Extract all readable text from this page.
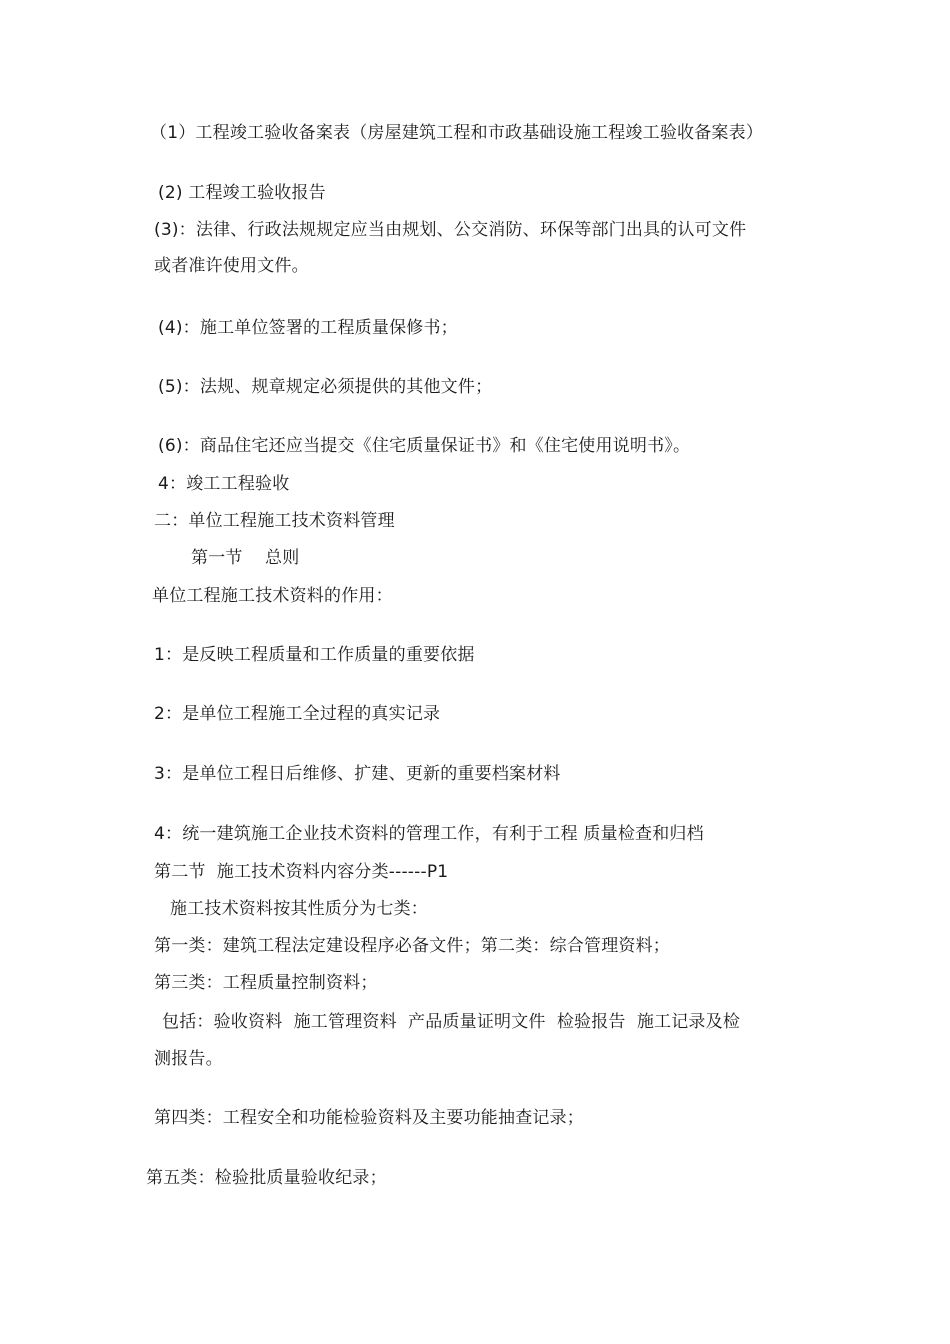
（1）工程竣工验收备案表（房屋建筑工程和市政基础设施工程竣工验收备案表）
(2) 工程竣工验收报告
(3)：法律、行政法规规定应当由规划、公交消防、环保等部门出具的认可文件
或者准许使用文件。
(4)：施工单位签署的工程质量保修书；
(5)：法规、规章规定必须提供的其他文件；
(6)：商品住宅还应当提交《住宅质量保证书》和《住宅使用说明书》。
4：竣工工程验收
二：单位工程施工技术资料管理
第一节    总则
单位工程施工技术资料的作用：
1：是反映工程质量和工作质量的重要依据
2：是单位工程施工全过程的真实记录
3：是单位工程日后维修、扩建、更新的重要档案材料
4：统一建筑施工企业技术资料的管理工作，有利于工程 质量检查和归档
第二节  施工技术资料内容分类------P1
施工技术资料按其性质分为七类：
第一类：建筑工程法定建设程序必备文件；第二类：综合管理资料；
第三类：工程质量控制资料；
包括：验收资料  施工管理资料  产品质量证明文件  检验报告  施工记录及检
测报告。
第四类：工程安全和功能检验资料及主要功能抽查记录；
第五类：检验批质量验收纪录；
